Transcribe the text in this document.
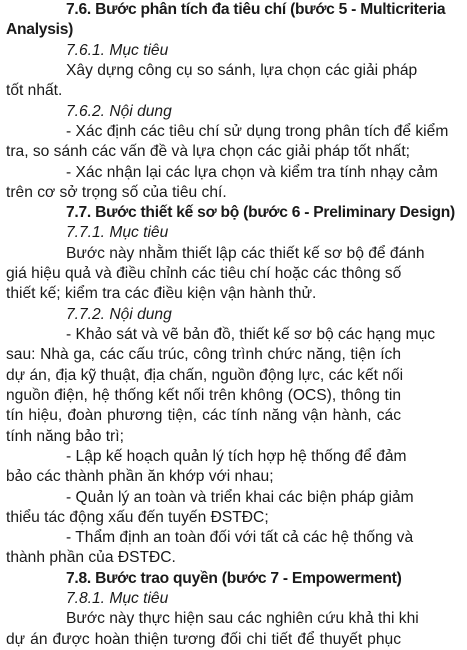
7.6. Bước phân tích đa tiêu chí (bước 5 - Multicriteria
Analysis)
7.6.1. Mục tiêu
Xây dựng công cụ so sánh, lựa chọn các giải pháp
tốt nhất.
7.6.2. Nội dung
- Xác định các tiêu chí sử dụng trong phân tích để kiểm
tra, so sánh các vấn đề và lựa chọn các giải pháp tốt nhất;
- Xác nhận lại các lựa chọn và kiểm tra tính nhạy cảm
trên cơ sở trọng số của tiêu chí.
7.7. Bước thiết kế sơ bộ (bước 6 - Preliminary Design)
7.7.1. Mục tiêu
Bước này nhằm thiết lập các thiết kế sơ bộ để đánh
giá hiệu quả và điều chỉnh các tiêu chí hoặc các thông số
thiết kế; kiểm tra các điều kiện vận hành thử.
7.7.2. Nội dung
- Khảo sát và vẽ bản đồ, thiết kế sơ bộ các hạng mục
sau: Nhà ga, các cấu trúc, công trình chức năng, tiện ích
dự án, địa kỹ thuật, địa chấn, nguồn động lực, các kết nối
nguồn điện, hệ thống kết nối trên không (OCS), thông tin
tín hiệu, đoàn phương tiện, các tính năng vận hành, các
tính năng bảo trì;
- Lập kế hoạch quản lý tích hợp hệ thống để đảm
bảo các thành phần ăn khớp với nhau;
- Quản lý an toàn và triển khai các biện pháp giảm
thiểu tác động xấu đến tuyến ĐSTĐC;
- Thẩm định an toàn đối với tất cả các hệ thống và
thành phần của ĐSTĐC.
7.8. Bước trao quyền (bước 7 - Empowerment)
7.8.1. Mục tiêu
Bước này thực hiện sau các nghiên cứu khả thi khi
dự án được hoàn thiện tương đối chi tiết để thuyết phục
